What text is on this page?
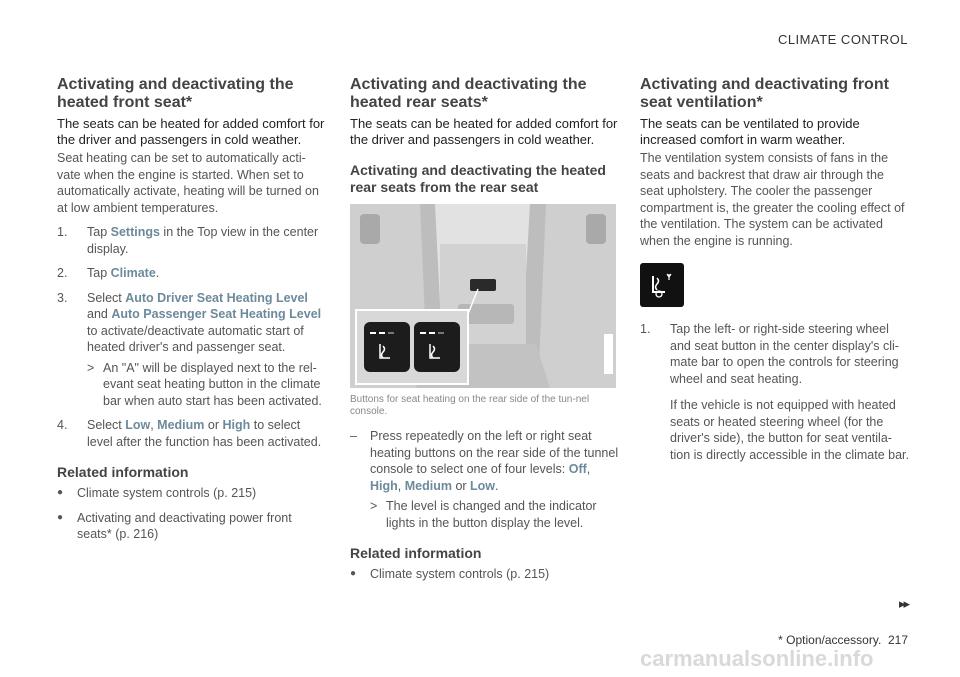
CLIMATE CONTROL
Activating and deactivating the heated front seat*

The seats can be heated for added comfort for the driver and passengers in cold weather.

Seat heating can be set to automatically acti-vate when the engine is started. When set to automatically activate, heating will be turned on at low ambient temperatures.

1.	Tap Settings in the Top view in the center display.
2.	Tap Climate.
3.	Select Auto Driver Seat Heating Level and Auto Passenger Seat Heating Level to activate/deactivate automatic start of heated driver's and passenger seat.
> An "A" will be displayed next to the rel-evant seat heating button in the climate bar when auto start has been activated.
4.	Select Low, Medium or High to select level after the function has been activated.
Related information
●	Climate system controls (p. 215)
●	Activating and deactivating power front seats* (p. 216)
Activating and deactivating the heated rear seats*

The seats can be heated for added comfort for the driver and passengers in cold weather.

Activating and deactivating the heated rear seats from the rear seat
Buttons for seat heating on the rear side of the tun-nel console.
–	Press repeatedly on the left or right seat heating buttons on the rear side of the tunnel console to select one of four levels: Off, High, Medium or Low.
> The level is changed and the indicator lights in the button display the level.
Related information
●	Climate system controls (p. 215)
Activating and deactivating front seat ventilation*

The seats can be ventilated to provide increased comfort in warm weather.

The ventilation system consists of fans in the seats and backrest that draw air through the seat upholstery. The cooler the passenger compartment is, the greater the cooling effect of the ventilation. The system can be activated when the engine is running.

1.	Tap the left- or right-side steering wheel and seat button in the center display's cli-mate bar to open the controls for steering wheel and seat heating.
If the vehicle is not equipped with heated seats or heated steering wheel (for the driver's side), the button for seat ventila-tion is directly accessible in the climate bar.
▸▸
* Option/accessory. 217
carmanualsonline.info
